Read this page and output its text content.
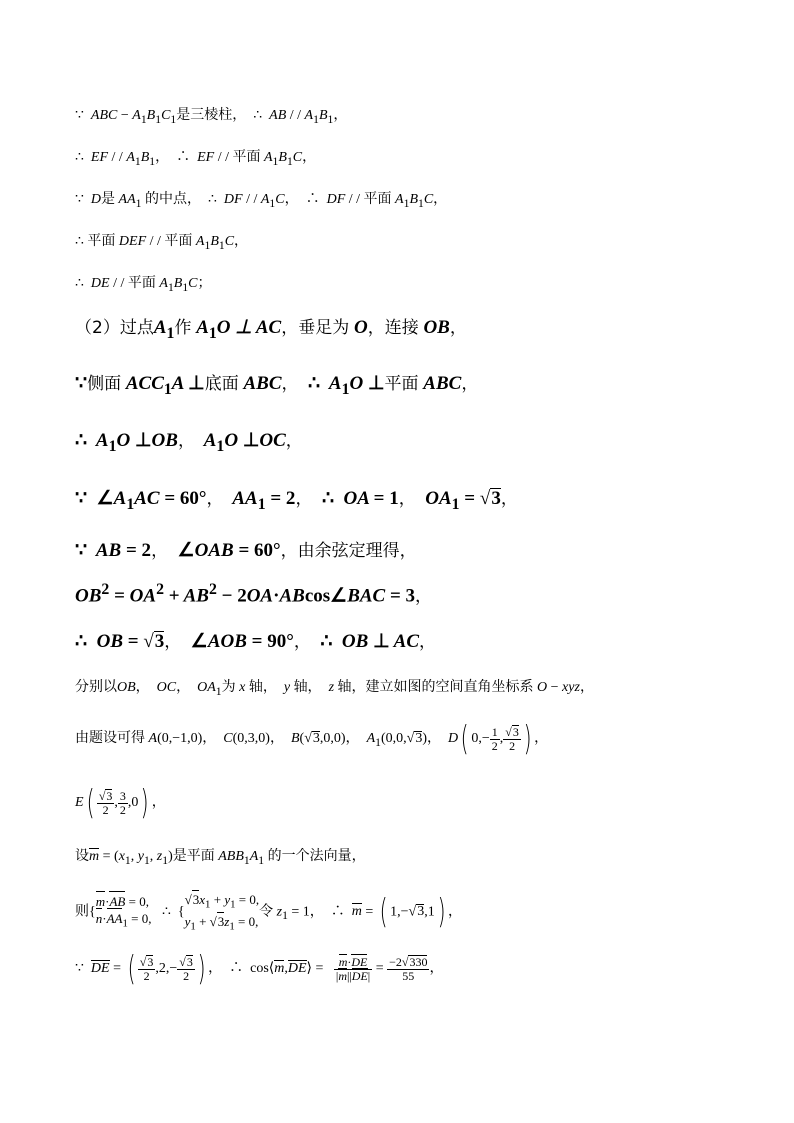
∵  ABC − $A_1B_1C_1$是三棱柱，  ∴  AB / / $A_1B_1$，
∴  EF / / $A_1B_1$，  ∴  EF / / 平面 $A_1B_1C$，
∵  D是 $AA_1$ 的中点，  ∴  DF / / $A_1C$，  ∴  DF / / 平面 $A_1B_1C$，
∴ 平面 DEF / / 平面 $A_1B_1C$，
∴  DE / / 平面 $A_1B_1C$；
（2）过点$A_1$作 $A_1O$ ⊥ AC，垂足为 O，连接 OB，
∵侧面 $ACC_1A$ ⊥底面 ABC， ∴  $A_1O$ ⊥平面 ABC，
∴  $A_1O$ ⊥OB，  $A_1O$ ⊥OC，
∵ $\angle A_1AC = 60^\circ$，  $AA_1 = 2$， ∴  OA = 1，  $OA_1 = √3$，
∵  AB = 2， ∠OAB = 60°，由余弦定理得，
$OB^2 = OA^2 + AB^2$ − 2OA·ABcos∠BAC = 3，
∴  OB = √3， ∠AOB = 90°， ∴  OB ⊥ AC，
分别以OB，  OC，  $OA_1$为 x 轴， y 轴， z 轴，建立如图的空间直角坐标系 O − xyz，
由题设可得 A(0,−1,0)，  C(0,3,0)，  B(√3,0,0)，  $A_1(0,0,√3)$，  D( $0,- \frac{1}{2}$ , $\frac{√3}{2}$ ) ，
$E( \frac{√3}{2}$ , $\frac{3}{2} ,0$) ，
设$m = (x_1$, $y_1$, $z_1$)是平面 $ABB_1A_1$ 的一个法向量，
则{
m·AB = 0,
$n\cdot AA_1 = 0$, ∴  {
$√3x_1 + y_1 = 0$,
$y_1 + √3z_1 = 0$,
令 $z_1 = 1$，  ∴  m = ( 1,−√3,1) ，
∵  DE = ( $\frac{√3}{2} ,2,- \frac{√3}{2}$ ) ，  ∴  cos⟨m,DE⟩ = $\frac{m\cdot DE}{|m||DE|} = \frac{-2√330}{55}$ ，
